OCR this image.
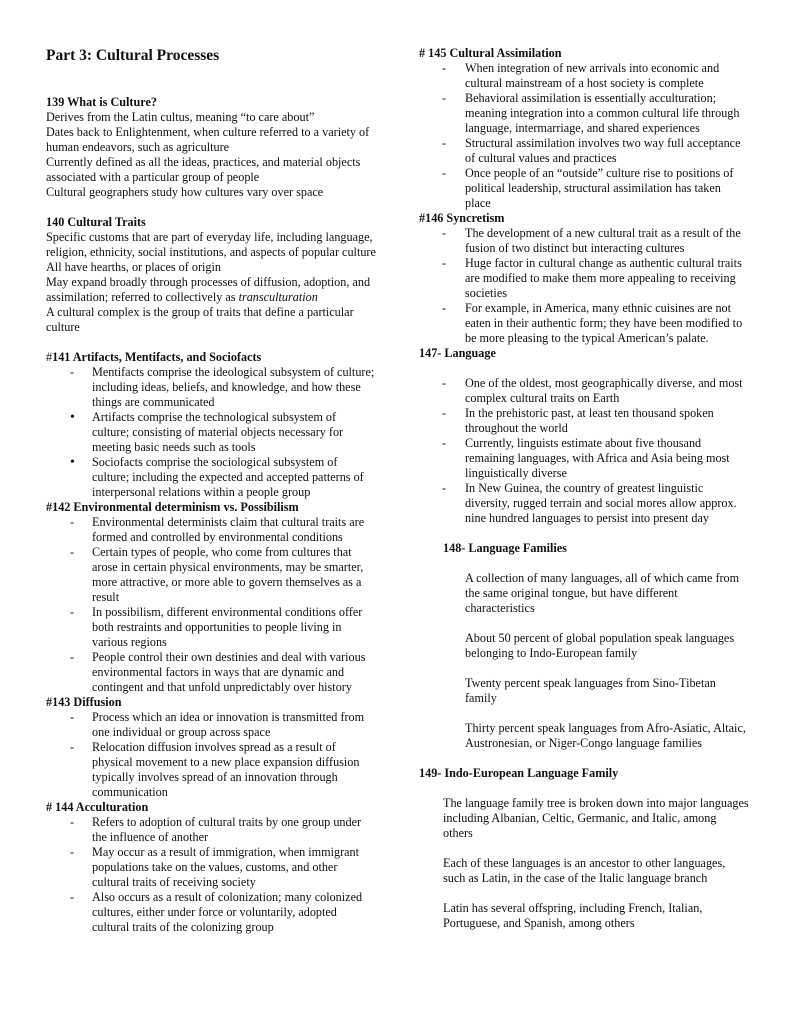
Part 3: Cultural Processes

139 What is Culture?

Derives from the Latin cultus, meaning “to care about”

Dates back to Enlightenment, when culture referred to a variety of human endeavors, such as agriculture

Currently defined as all the ideas, practices, and material objects associated with a particular group of people

Cultural geographers study how cultures vary over space

140 Cultural Traits

Specific customs that are part of everyday life, including language, religion, ethnicity, social institutions, and aspects of popular culture

All have hearths, or places of origin

May expand broadly through processes of diffusion, adoption, and assimilation; referred to collectively as transculturation

A cultural complex is the group of traits that define a particular culture

#141 Artifacts, Mentifacts, and Sociofacts

- Mentifacts comprise the ideological subsystem of culture; including ideas, beliefs, and knowledge, and how these things are communicated
• Artifacts comprise the technological subsystem of culture; consisting of material objects necessary for meeting basic needs such as tools
• Sociofacts comprise the sociological subsystem of culture; including the expected and accepted patterns of interpersonal relations within a people group

#142 Environmental determinism vs. Possibilism

- Environmental determinists claim that cultural traits are formed and controlled by environmental conditions
- Certain types of people, who come from cultures that arose in certain physical environments, may be smarter, more attractive, or more able to govern themselves as a result
- In possibilism, different environmental conditions offer both restraints and opportunities to people living in various regions
- People control their own destinies and deal with various environmental factors in ways that are dynamic and contingent and that unfold unpredictably over history

#143 Diffusion

- Process which an idea or innovation is transmitted from one individual or group across space
- Relocation diffusion involves spread as a result of physical movement to a new place expansion diffusion typically involves spread of an innovation through communication

# 144 Acculturation

- Refers to adoption of cultural traits by one group under the influence of another
- May occur as a result of immigration, when immigrant populations take on the values, customs, and other cultural traits of receiving society
- Also occurs as a result of colonization; many colonized cultures, either under force or voluntarily, adopted cultural traits of the colonizing group

# 145 Cultural Assimilation

- When integration of new arrivals into economic and cultural mainstream of a host society is complete
- Behavioral assimilation is essentially acculturation; meaning integration into a common cultural life through language, intermarriage, and shared experiences
- Structural assimilation involves two way full acceptance of cultural values and practices
- Once people of an “outside” culture rise to positions of political leadership, structural assimilation has taken place

#146 Syncretism

- The development of a new cultural trait as a result of the fusion of two distinct but interacting cultures
- Huge factor in cultural change as authentic cultural traits are modified to make them more appealing to receiving societies
- For example, in America, many ethnic cuisines are not eaten in their authentic form; they have been modified to be more pleasing to the typical American’s palate.

147- Language

- One of the oldest, most geographically diverse, and most complex cultural traits on Earth
- In the prehistoric past, at least ten thousand spoken throughout the world
- Currently, linguists estimate about five thousand remaining languages, with Africa and Asia being most linguistically diverse
- In New Guinea, the country of greatest linguistic diversity, rugged terrain and social mores allow approx. nine hundred languages to persist into present day

148- Language Families

A collection of many languages, all of which came from the same original tongue, but have different characteristics

About 50 percent of global population speak languages belonging to Indo-European family

Twenty percent speak languages from Sino-Tibetan family

Thirty percent speak languages from Afro-Asiatic, Altaic, Austronesian, or Niger-Congo language families

149- Indo-European Language Family

The language family tree is broken down into major languages including Albanian, Celtic, Germanic, and Italic, among others

Each of these languages is an ancestor to other languages, such as Latin, in the case of the Italic language branch

Latin has several offspring, including French, Italian, Portuguese, and Spanish, among others
